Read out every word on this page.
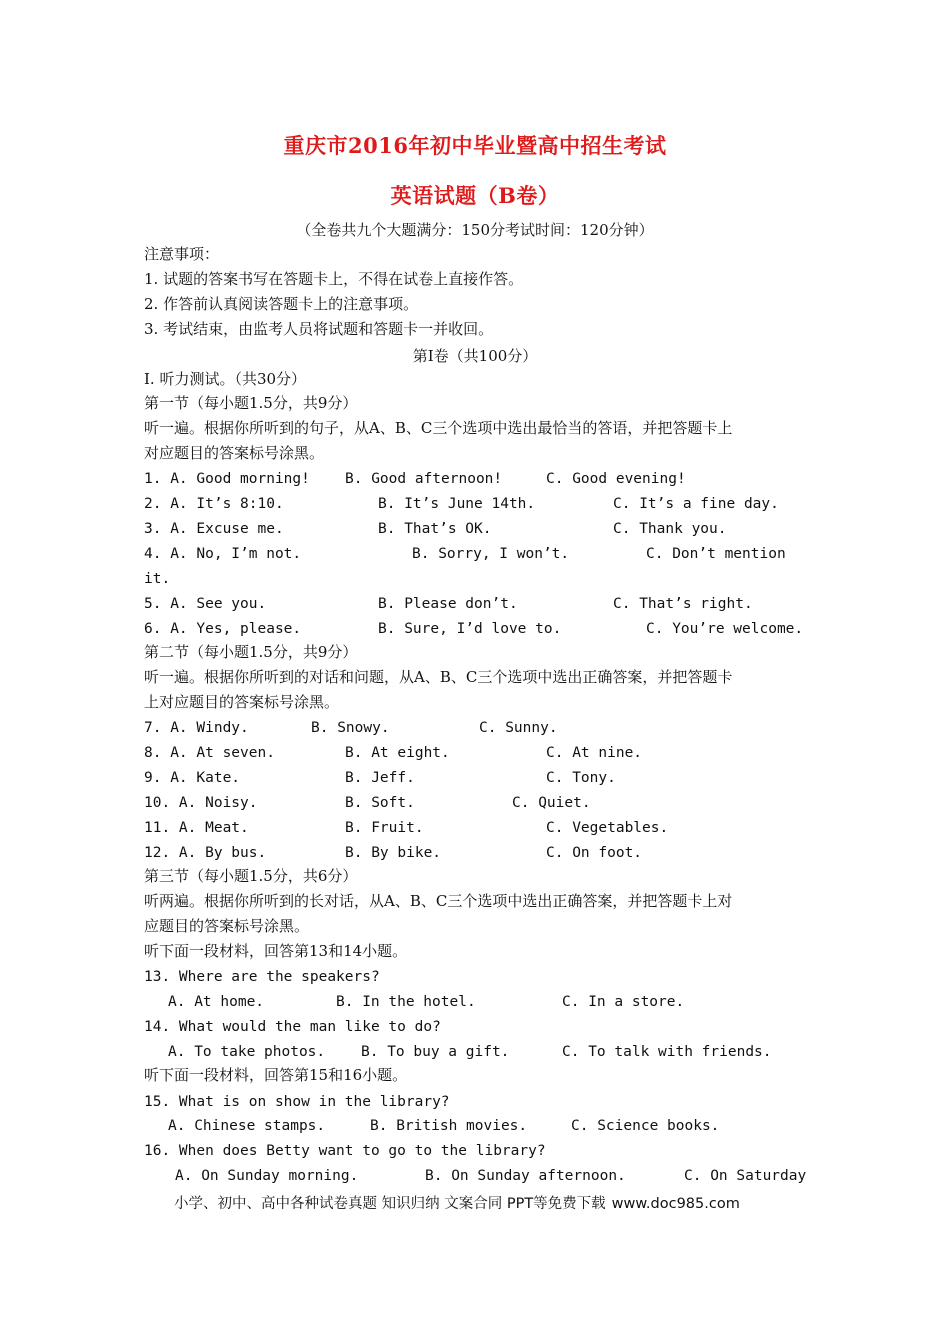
重庆市2016年初中毕业暨高中招生考试
英语试题（B卷）
（全卷共九个大题满分：150分考试时间：120分钟）
注意事项：
1. 试题的答案书写在答题卡上，不得在试卷上直接作答。
2. 作答前认真阅读答题卡上的注意事项。
3. 考试结束，由监考人员将试题和答题卡一并收回。
第I卷（共100分）
I. 听力测试。（共30分）
第一节（每小题1.5分，共9分）
听一遍。根据你所听到的句子，从A、B、C三个选项中选出最恰当的答语，并把答题卡上
对应题目的答案标号涂黑。
1. A. Good morning! B. Good afternoon!	C. Good evening!
2. A. It’s 8:10.	B. It’s June 14th.	C. It’s a fine day.
3. A. Excuse me.	B. That’s OK.	C. Thank you.
4. A. No, I’m not.	B. Sorry, I won’t.	C. Don’t mention
it.
5. A. See you.	B. Please don’t.	C. That’s right.
6. A. Yes, please.	B. Sure, I’d love to.	C. You’re welcome.
第二节（每小题1.5分，共9分）
听一遍。根据你所听到的对话和问题，从A、B、C三个选项中选出正确答案，并把答题卡
上对应题目的答案标号涂黑。
7. A. Windy.	B. Snowy.	C. Sunny.
8. A. At seven.	B. At eight.	C. At nine.
9. A. Kate.	B. Jeff.	C. Tony.
10. A. Noisy.	B. Soft.	C. Quiet.
11. A. Meat.	B. Fruit.	C. Vegetables.
12. A. By bus.	B. By bike.	C. On foot.
第三节（每小题1.5分，共6分）
听两遍。根据你所听到的长对话，从A、B、C三个选项中选出正确答案，并把答题卡上对
应题目的答案标号涂黑。
听下面一段材料，回答第13和14小题。
13. Where are the speakers?
A. At home.	B. In the hotel.	C. In a store.
14. What would the man like to do?
A. To take photos. B. To buy a gift.	C. To talk with friends.
听下面一段材料，回答第15和16小题。
15. What is on show in the library?
A. Chinese stamps.	B. British movies.	C. Science books.
16. When does Betty want to go to the library?
A. On Sunday morning.	B. On Sunday afternoon.	C. On Saturday
小学、初中、高中各种试卷真题 知识归纳 文案合同 PPT等免费下载 www.doc985.com
